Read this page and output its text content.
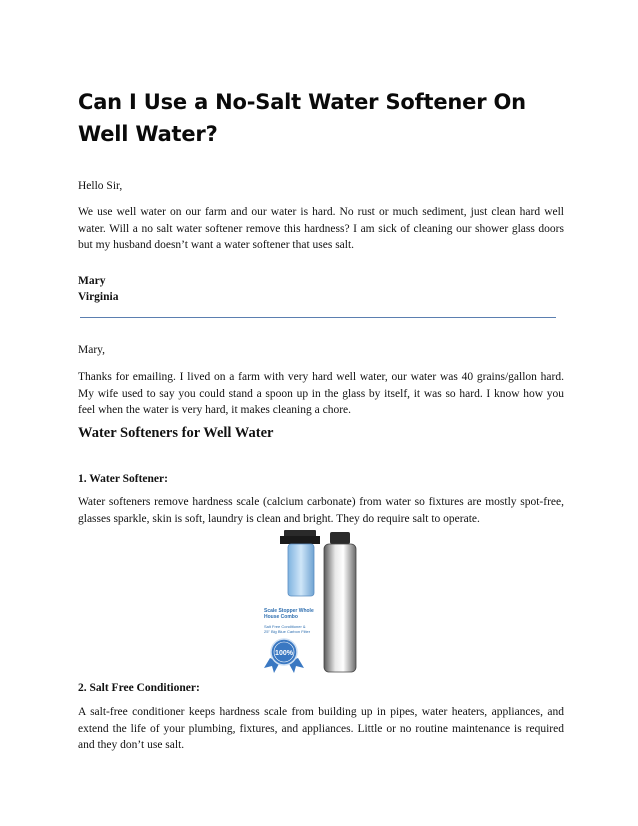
Can I Use a No-Salt Water Softener On Well Water?

Hello Sir,

We use well water on our farm and our water is hard. No rust or much sediment, just clean hard well water. Will a no salt water softener remove this hardness? I am sick of cleaning our shower glass doors but my husband doesn’t want a water softener that uses salt.

Mary

Virginia

Mary,

Thanks for emailing. I lived on a farm with very hard well water, our water was 40 grains/gallon hard. My wife used to say you could stand a spoon up in the glass by itself, it was so hard. I know how you feel when the water is very hard, it makes cleaning a chore.

Water Softeners for Well Water

1. Water Softener:

Water softeners remove hardness scale (calcium carbonate) from water so fixtures are mostly spot-free, glasses sparkle, skin is soft, laundry is clean and bright. They do require salt to operate.

Scale Stopper Whole
House Combo
Salt Free Conditioner &
25" Big Blue Carbon Filter
100%

2. Salt Free Conditioner:

A salt-free conditioner keeps hardness scale from building up in pipes, water heaters, appliances, and extend the life of your plumbing, fixtures, and appliances. Little or no routine maintenance is required and they don’t use salt.
